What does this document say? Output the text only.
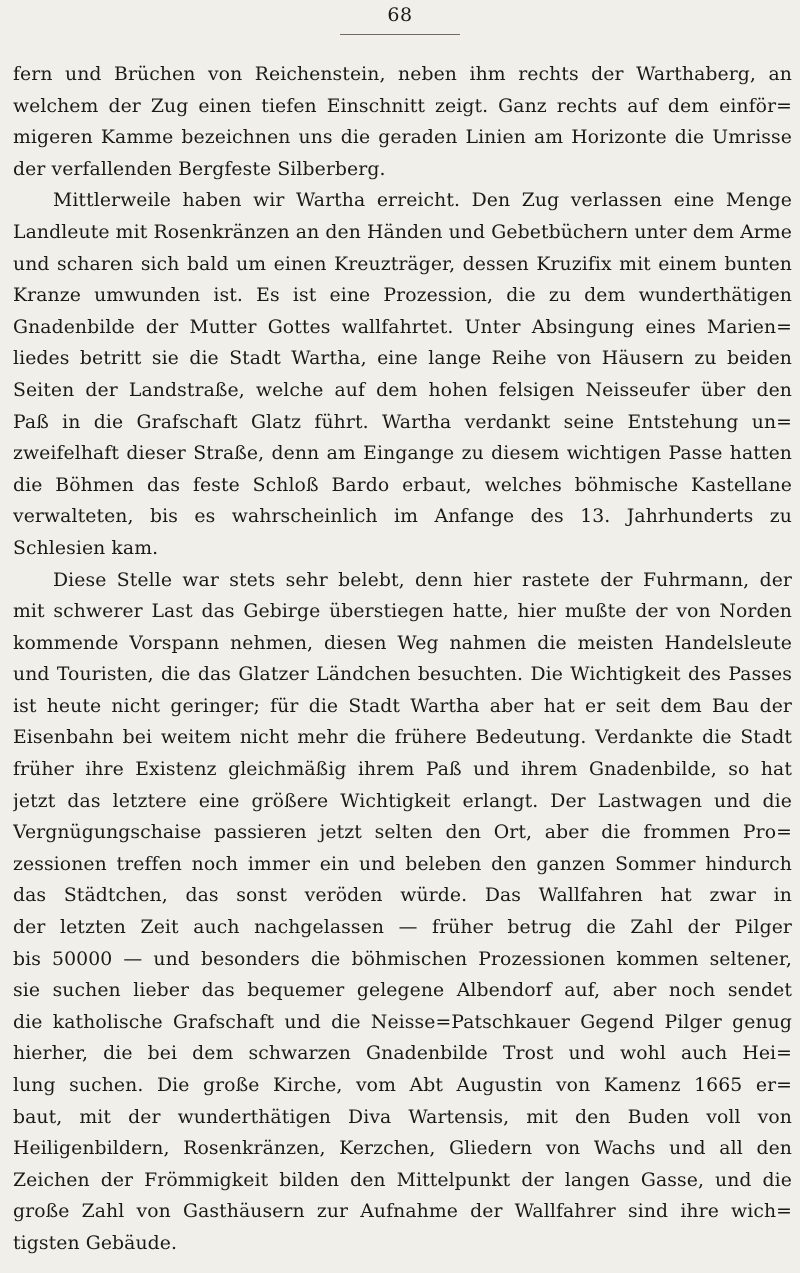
68
fern und Brüchen von Reichenstein, neben ihm rechts der Warthaberg, an
welchem der Zug einen tiefen Einschnitt zeigt. Ganz rechts auf dem einför=
migeren Kamme bezeichnen uns die geraden Linien am Horizonte die Umrisse
der verfallenden Bergfeste Silberberg.
Mittlerweile haben wir Wartha erreicht. Den Zug verlassen eine Menge
Landleute mit Rosenkränzen an den Händen und Gebetbüchern unter dem Arme
und scharen sich bald um einen Kreuzträger, dessen Kruzifix mit einem bunten
Kranze umwunden ist. Es ist eine Prozession, die zu dem wunderthätigen
Gnadenbilde der Mutter Gottes wallfahrtet. Unter Absingung eines Marien=
liedes betritt sie die Stadt Wartha, eine lange Reihe von Häusern zu beiden
Seiten der Landstraße, welche auf dem hohen felsigen Neisseufer über den
Paß in die Grafschaft Glatz führt. Wartha verdankt seine Entstehung un=
zweifelhaft dieser Straße, denn am Eingange zu diesem wichtigen Passe hatten
die Böhmen das feste Schloß Bardo erbaut, welches böhmische Kastellane
verwalteten, bis es wahrscheinlich im Anfange des 13. Jahrhunderts zu
Schlesien kam.
Diese Stelle war stets sehr belebt, denn hier rastete der Fuhrmann, der
mit schwerer Last das Gebirge überstiegen hatte, hier mußte der von Norden
kommende Vorspann nehmen, diesen Weg nahmen die meisten Handelsleute
und Touristen, die das Glatzer Ländchen besuchten. Die Wichtigkeit des Passes
ist heute nicht geringer; für die Stadt Wartha aber hat er seit dem Bau der
Eisenbahn bei weitem nicht mehr die frühere Bedeutung. Verdankte die Stadt
früher ihre Existenz gleichmäßig ihrem Paß und ihrem Gnadenbilde, so hat
jetzt das letztere eine größere Wichtigkeit erlangt. Der Lastwagen und die
Vergnügungschaise passieren jetzt selten den Ort, aber die frommen Pro=
zessionen treffen noch immer ein und beleben den ganzen Sommer hindurch
das Städtchen, das sonst veröden würde. Das Wallfahren hat zwar in
der letzten Zeit auch nachgelassen — früher betrug die Zahl der Pilger
bis 50000 — und besonders die böhmischen Prozessionen kommen seltener,
sie suchen lieber das bequemer gelegene Albendorf auf, aber noch sendet
die katholische Grafschaft und die Neisse=Patschkauer Gegend Pilger genug
hierher, die bei dem schwarzen Gnadenbilde Trost und wohl auch Hei=
lung suchen. Die große Kirche, vom Abt Augustin von Kamenz 1665 er=
baut, mit der wunderthätigen Diva Wartensis, mit den Buden voll von
Heiligenbildern, Rosenkränzen, Kerzchen, Gliedern von Wachs und all den
Zeichen der Frömmigkeit bilden den Mittelpunkt der langen Gasse, und die
große Zahl von Gasthäusern zur Aufnahme der Wallfahrer sind ihre wich=
tigsten Gebäude.
